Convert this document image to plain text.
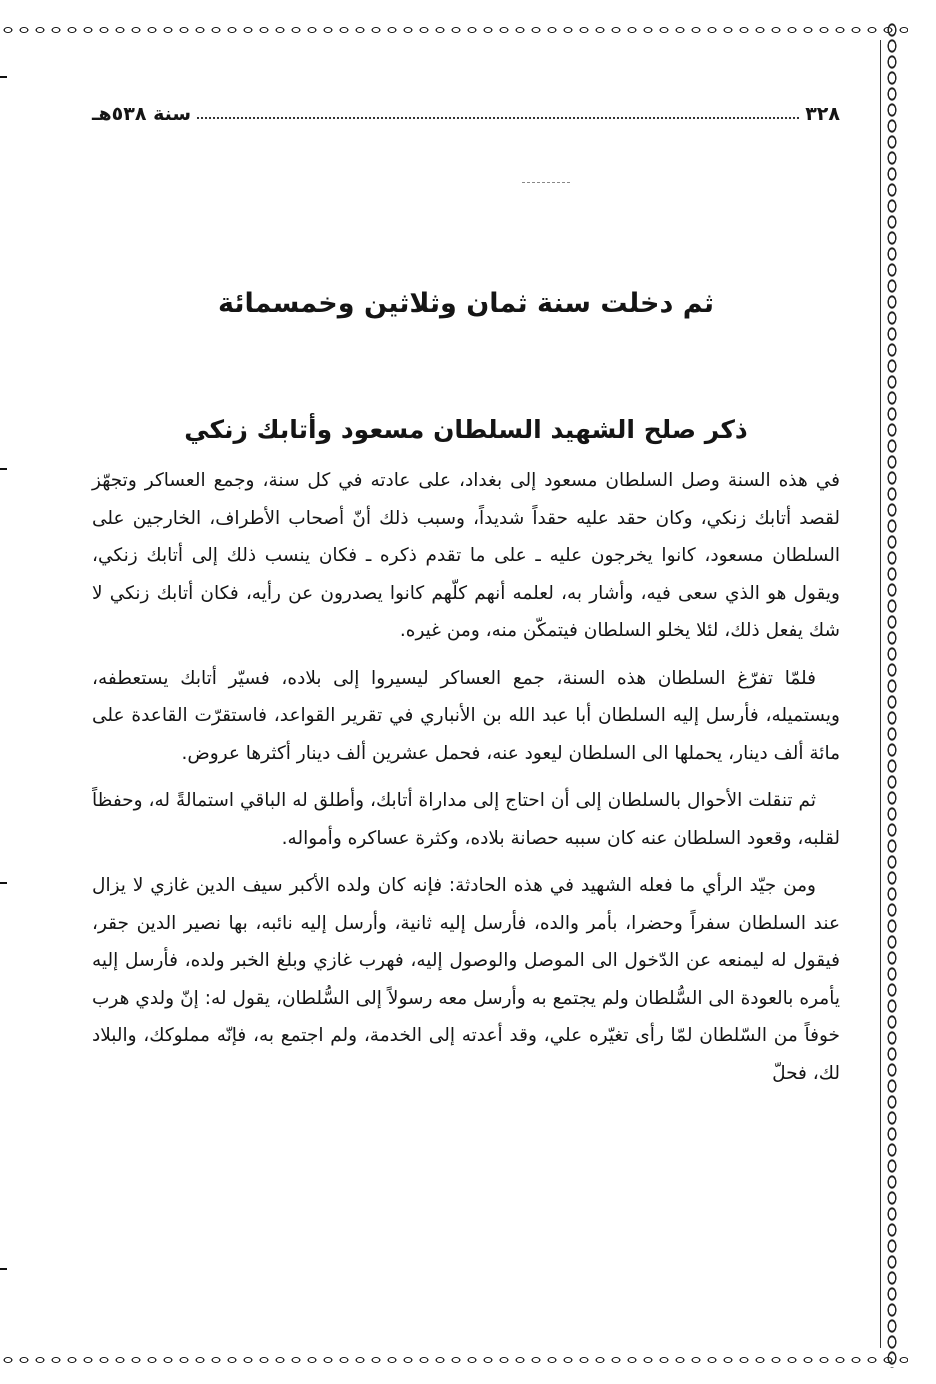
سنة ٥٣٨هـ	٣٢٨
ثم دخلت سنة ثمان وثلاثين وخمسمائة
ذكر صلح الشهيد السلطان مسعود وأتابك زنكي

في هذه السنة وصل السلطان مسعود إلى بغداد، على عادته في كل سنة، وجمع العساكر وتجهّز لقصد أتابك زنكي، وكان حقد عليه حقداً شديداً، وسبب ذلك أنّ أصحاب الأطراف، الخارجين على السلطان مسعود، كانوا يخرجون عليه ـ على ما تقدم ذكره ـ فكان ينسب ذلك إلى أتابك زنكي، ويقول هو الذي سعى فيه، وأشار به، لعلمه أنهم كلّهم كانوا يصدرون عن رأيه، فكان أتابك زنكي لا شك يفعل ذلك، لئلا يخلو السلطان فيتمكّن منه، ومن غيره.

فلمّا تفرّغ السلطان هذه السنة، جمع العساكر ليسيروا إلى بلاده، فسيّر أتابك يستعطفه، ويستميله، فأرسل إليه السلطان أبا عبد الله بن الأنباري في تقرير القواعد، فاستقرّت القاعدة على مائة ألف دينار، يحملها الى السلطان ليعود عنه، فحمل عشرين ألف دينار أكثرها عروض.

ثم تنقلت الأحوال بالسلطان إلى أن احتاج إلى مداراة أتابك، وأطلق له الباقي استمالةً له، وحفظاً لقلبه، وقعود السلطان عنه كان سببه حصانة بلاده، وكثرة عساكره وأمواله.

ومن جيّد الرأي ما فعله الشهيد في هذه الحادثة: فإنه كان ولده الأكبر سيف الدين غازي لا يزال عند السلطان سفراً وحضرا، بأمر والده، فأرسل إليه ثانية، وأرسل إليه نائبه، بها نصير الدين جقر، فيقول له ليمنعه عن الدّخول الى الموصل والوصول إليه، فهرب غازي وبلغ الخبر ولده، فأرسل إليه يأمره بالعودة الى السُّلطان ولم يجتمع به وأرسل معه رسولاً إلى السُّلطان، يقول له: إنّ ولدي هرب خوفاً من السّلطان لمّا رأى تغيّره علي، وقد أعدته إلى الخدمة، ولم اجتمع به، فإنّه مملوكك، والبلاد لك، فحلّ
